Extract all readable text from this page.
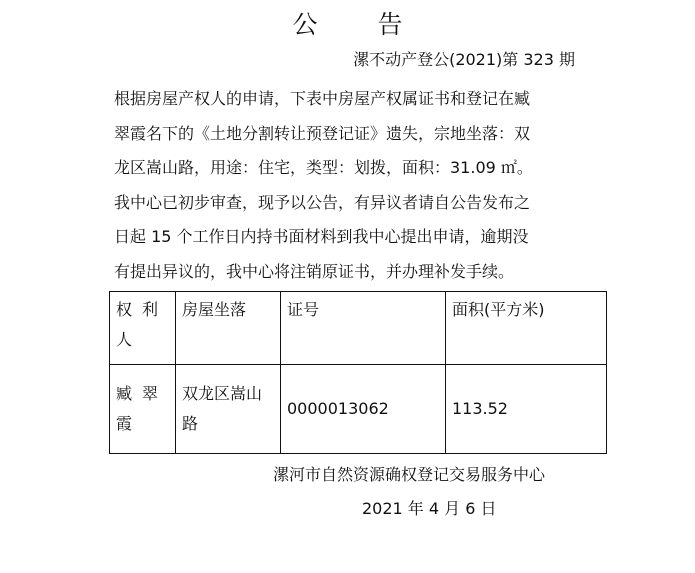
公 告
漯不动产登公(2021)第 323 期

根据房屋产权人的申请，下表中房屋产权属证书和登记在臧
翠霞名下的《土地分割转让预登记证》遗失，宗地坐落：双
龙区嵩山路，用途：住宅，类型：划拨，面积：31.09 ㎡。
我中心已初步审查，现予以公告，有异议者请自公告发布之
日起 15 个工作日内持书面材料到我中心提出申请，逾期没
有提出异议的，我中心将注销原证书，并办理补发手续。

权利人	房屋坐落	证号	面积(平方米)
臧翠霞	双龙区嵩山路	0000013062	113.52
漯河市自然资源确权登记交易服务中心
2021 年 4 月 6 日
